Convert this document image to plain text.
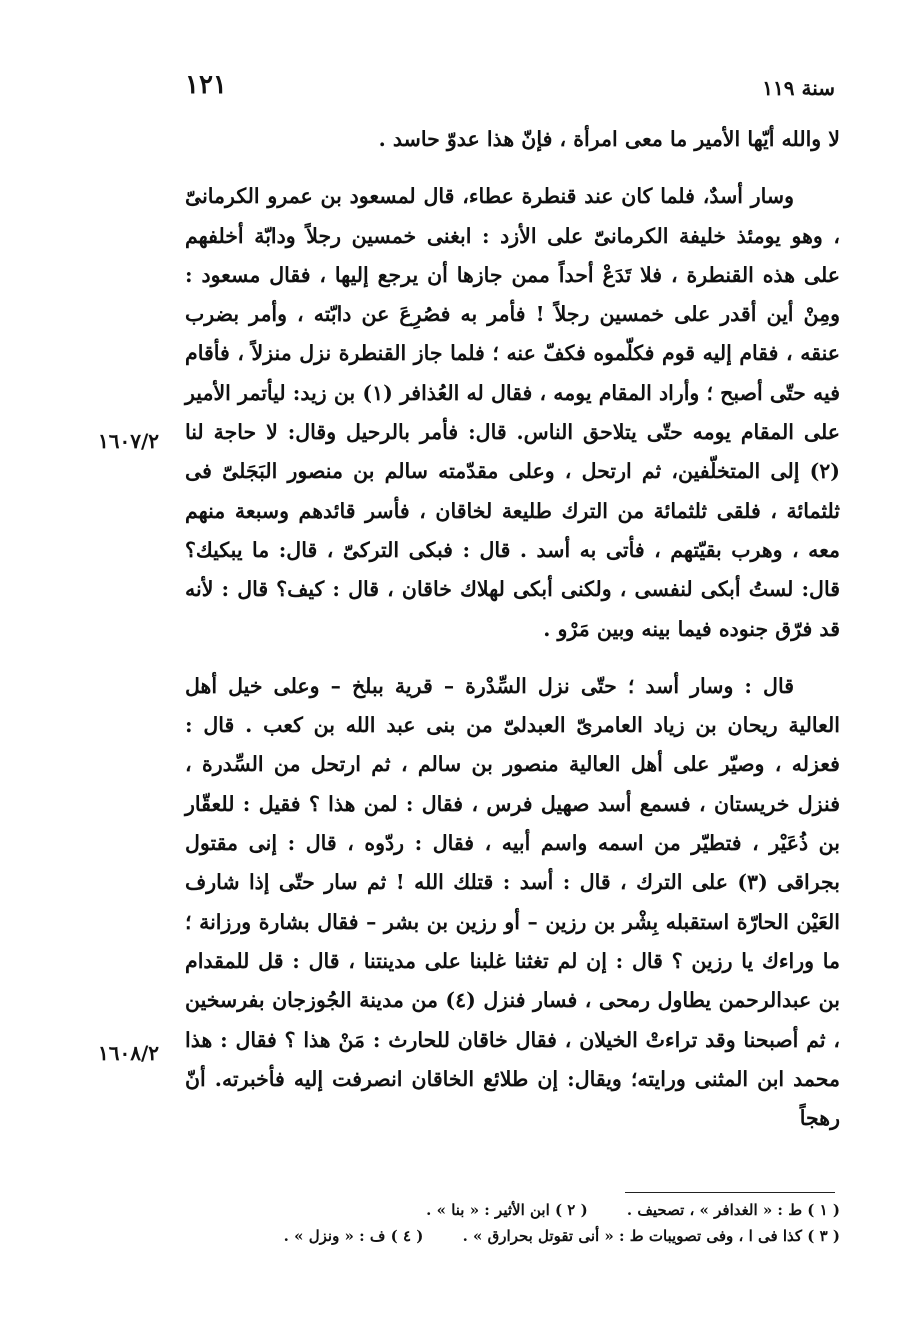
سنة ١١٩
١٢١

لا والله أيّها الأمير ما معى امرأة ، فإنّ هذا عدوّ حاسد .

وسار أسدٌ، فلما كان عند قنطرة عطاء، قال لمسعود بن عمرو الكرمانىّ ، وهو يومئذ خليفة الكرمانىّ على الأزد : ابغنى خمسين رجلاً ودابّة أخلفهم على هذه القنطرة ، فلا تَدَعْ أحداً ممن جازها أن يرجع إليها ، فقال مسعود : ومِنْ أين أقدر على خمسين رجلاً ! فأمر به فصُرِعَ عن دابّته ، وأمر بضرب عنقه ، فقام إليه قوم فكلّموه فكفّ عنه ؛ فلما جاز القنطرة نزل منزلاً ، فأقام فيه حتّى أصبح ؛ وأراد المقام يومه ، فقال له العُذافر (١) بن زيد: ليأتمر الأمير على المقام يومه حتّى يتلاحق الناس. قال: فأمر بالرحيل وقال: لا حاجة لنا (٢) إلى المتخلّفين، ثم ارتحل ، وعلى مقدّمته سالم بن منصور البَجَلىّ فى ثلثمائة ، فلقى ثلثمائة من الترك طليعة لخاقان ، فأسر قائدهم وسبعة منهم معه ، وهرب بقيّتهم ، فأتى به أسد . قال : فبكى التركىّ ، قال: ما يبكيك؟ قال: لستُ أبكى لنفسى ، ولكنى أبكى لهلاك خاقان ، قال : كيف؟ قال : لأنه قد فرّق جنوده فيما بينه وبين مَرْو .

قال : وسار أسد ؛ حتّى نزل السِّدْرة – قرية ببلخ – وعلى خيل أهل العالية ريحان بن زياد العامرىّ العبدلىّ من بنى عبد الله بن كعب . قال : فعزله ، وصيّر على أهل العالية منصور بن سالم ، ثم ارتحل من السِّدرة ، فنزل خريستان ، فسمع أسد صهيل فرس ، فقال : لمن هذا ؟ فقيل : للعقّار بن ذُعَيْر ، فتطيّر من اسمه واسم أبيه ، فقال : ردّوه ، قال : إنى مقتول بجراقى (٣) على الترك ، قال : أسد : قتلك الله ! ثم سار حتّى إذا شارف العَيْن الحارّة استقبله بِشْر بن رزين – أو رزين بن بشر – فقال بشارة ورزانة ؛ ما وراءك يا رزين ؟ قال : إن لم تغثنا غلبنا على مدينتنا ، قال : قل للمقدام بن عبدالرحمن يطاول رمحى ، فسار فنزل (٤) من مدينة الجُوزجان بفرسخين ، ثم أصبحنا وقد تراءتْ الخيلان ، فقال خاقان للحارث : مَنْ هذا ؟ فقال : هذا محمد ابن المثنى ورايته؛ ويقال: إن طلائع الخاقان انصرفت إليه فأخبرته. أنّ رهجاً

١٦٠٧/٢
١٦٠٨/٢
( ١ ) ط : « الغدافر » ، تصحيف . ( ٢ ) ابن الأثير : « بنا » .
( ٣ ) كذا فى ا ، وفى تصويبات ط : « أنى تقوتل بحرارق » . ( ٤ ) ف : « ونزل » .
